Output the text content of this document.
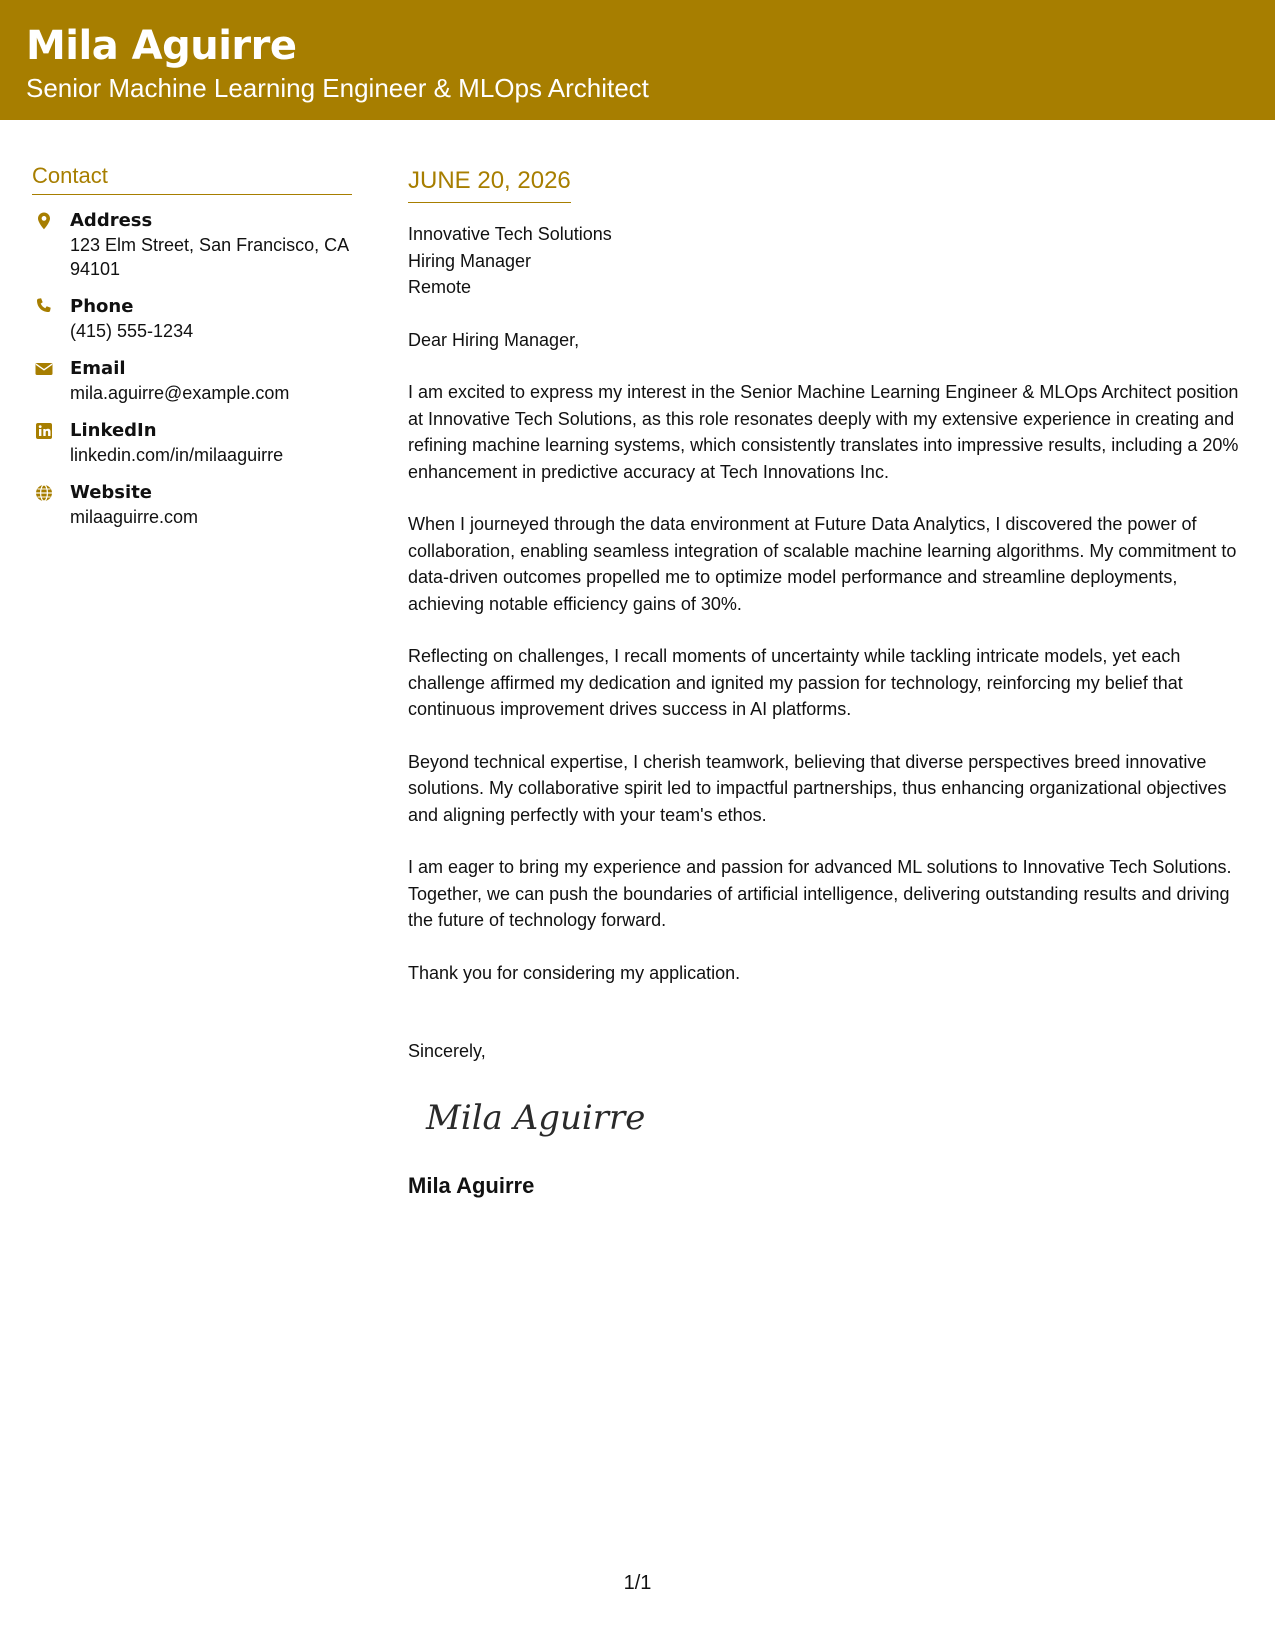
Mila Aguirre
Senior Machine Learning Engineer & MLOps Architect
Contact
Address
123 Elm Street, San Francisco, CA 94101
Phone
(415) 555-1234
Email
mila.aguirre@example.com
LinkedIn
linkedin.com/in/milaaguirre
Website
milaaguirre.com
JUNE 20, 2026
Innovative Tech Solutions
Hiring Manager
Remote
Dear Hiring Manager,
I am excited to express my interest in the Senior Machine Learning Engineer & MLOps Architect position at Innovative Tech Solutions, as this role resonates deeply with my extensive experience in creating and refining machine learning systems, which consistently translates into impressive results, including a 20% enhancement in predictive accuracy at Tech Innovations Inc.
When I journeyed through the data environment at Future Data Analytics, I discovered the power of collaboration, enabling seamless integration of scalable machine learning algorithms. My commitment to data-driven outcomes propelled me to optimize model performance and streamline deployments, achieving notable efficiency gains of 30%.
Reflecting on challenges, I recall moments of uncertainty while tackling intricate models, yet each challenge affirmed my dedication and ignited my passion for technology, reinforcing my belief that continuous improvement drives success in AI platforms.
Beyond technical expertise, I cherish teamwork, believing that diverse perspectives breed innovative solutions. My collaborative spirit led to impactful partnerships, thus enhancing organizational objectives and aligning perfectly with your team's ethos.
I am eager to bring my experience and passion for advanced ML solutions to Innovative Tech Solutions. Together, we can push the boundaries of artificial intelligence, delivering outstanding results and driving the future of technology forward.
Thank you for considering my application.
Sincerely,
Mila Aguirre
Mila Aguirre
1/1
